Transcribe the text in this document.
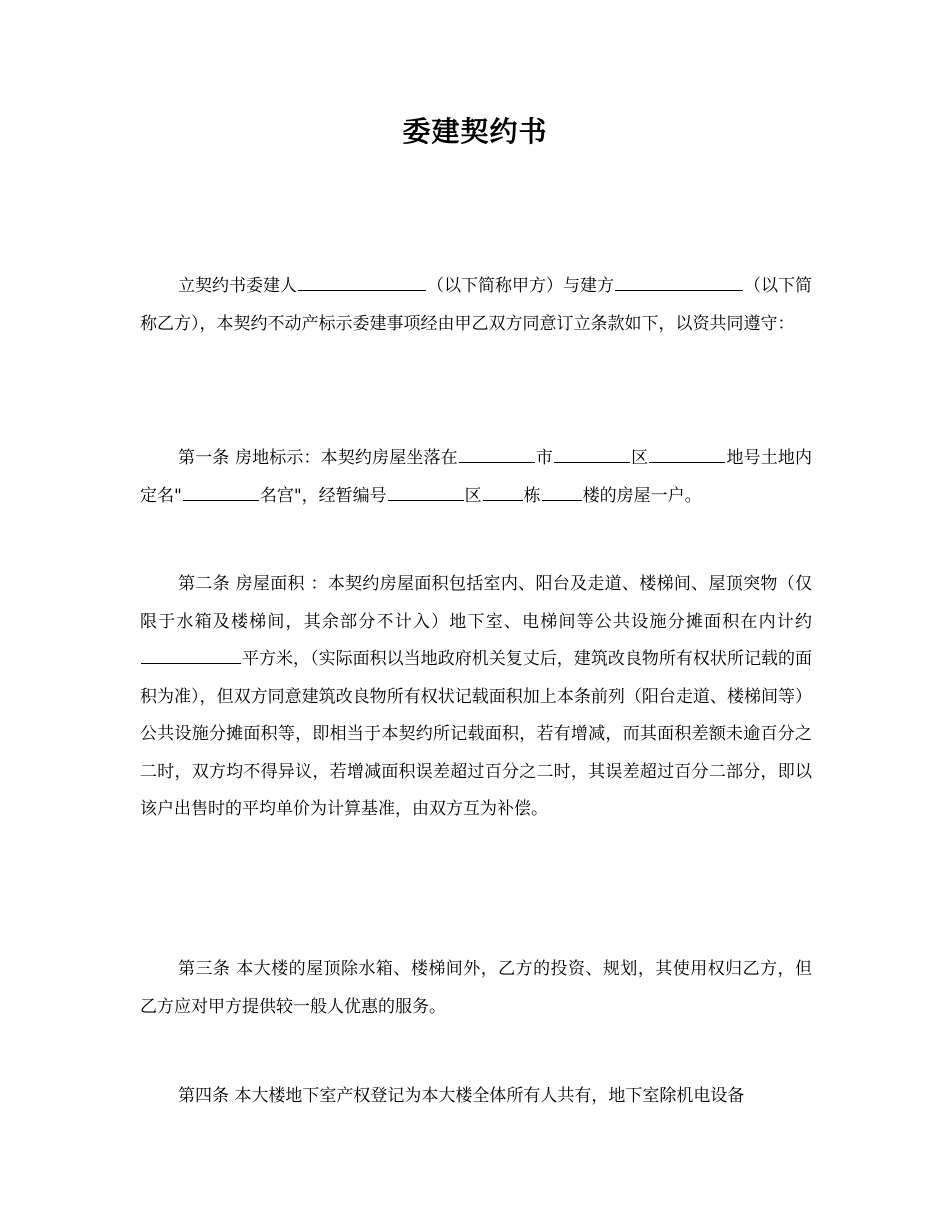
委建契约书

立契约书委建人	（以下简称甲方）与建方	（以下简称乙方），本契约不动产标示委建事项经由甲乙双方同意订立条款如下，以资共同遵守：

第一条 房地标示：本契约房屋坐落在	市	区	地号土地内定名"	名宫"，经暂编号	区 栋 楼的房屋一户。

第二条 房屋面积 ：本契约房屋面积包括室内、阳台及走道、楼梯间、屋顶突物（仅限于水箱及楼梯间，其余部分不计入）地下室、电梯间等公共设施分摊面积在内计约平方米，（实际面积以当地政府机关复丈后，建筑改良物所有权状所记载的面积为准），但双方同意建筑改良物所有权状记载面积加上本条前列（阳台走道、楼梯间等）公共设施分摊面积等，即相当于本契约所记载面积，若有增减，而其面积差额未逾百分之二时，双方均不得异议，若增减面积误差超过百分之二时，其误差超过百分二部分，即以该户出售时的平均单价为计算基准，由双方互为补偿。

第三条 本大楼的屋顶除水箱、楼梯间外，乙方的投资、规划，其使用权归乙方，但乙方应对甲方提供较一般人优惠的服务。

第四条 本大楼地下室产权登记为本大楼全体所有人共有，地下室除机电设备
